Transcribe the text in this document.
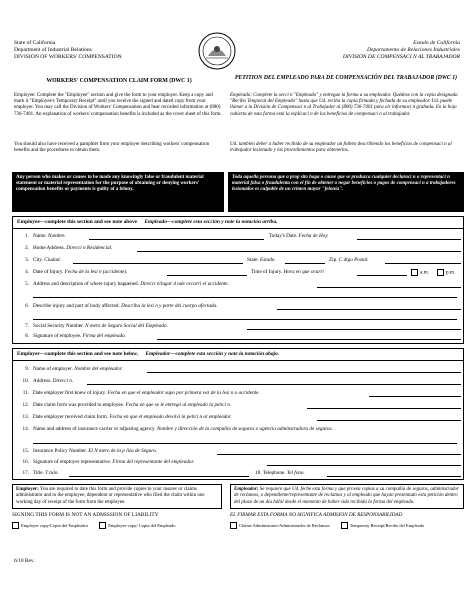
State of California
Department of Industrial Relations
DIVISION OF WORKERS' COMPENSATION
Estado de California
Departamento de Relaciones Industriales
DIVISION DE COMPENSACI N AL TRABAJADOR
WORKERS' COMPENSATION CLAIM FORM (DWC 1)	PETITION DEL EMPLEADO PARA DE COMPENSACIÓN DEL TRABAJADOR (DWC 1)
Employee: Complete the "Employee" section and give the form to your employer. Keep a copy and mark it "Employee's Temporary Receipt" until you receive the signed and dated copy from your employer. You may call the Division of Workers' Compensation and hear recorded information at (800) 736-7401. An explanation of workers' compensation benefits is included as the cover sheet of this form.
You should also have received a pamphlet from your employer describing workers' compensation benefits and the procedures to obtain them.
Empleado: Complete la secci n "Empleado" y entregue la forma a su empleador. Quédese con la copia designada "Recibo Temporal del Empleado" hasta que Ud. reciba la copia firmada y fechada de su empleador. Ud. puede llamar a la División de Compensaci n al Trabajador al (800) 736-7401 para oir informaci n grabada. En la hoja cubierta de esta forma está la explicaci n de los beneficios de compensaci n al trabajador.
Ud. también deber a haber recibido de su empleador un folleto describiendo los beneficios de compensaci n al trabajador lesionado y los procedimientos para obtenerlos.
Any person who makes or causes to be made any knowingly false or fraudulent material statement or material representation for the purpose of obtaining or denying workers' compensation benefits or payments is guilty of a felony.
Toda aquella persona que a prop sito haga o cause que se produzca cualquier declaraci n o representaci n material falsa o fraudulenta con el fin de obtener o negar beneficios o pagos de compensaci n a trabajadores lesionados es culpable de un crimen mayor "felonía".
Employee—complete this section and see note above Empleado—complete esta sección y note la notación arriba.
1. Name. Nombre.	Today's Date. Fecha de Hoy.
2. Home Address. Direcci n Residencial.
3. City. Ciudad.	State. Estado.	Zip. C digo Postal.
4. Date of Injury. Fecha de la lesi n (accidente).	Time of Injury. Hora en que ocurri	a.m.	p.m.
5. Address and description of where injury happened. Direcci n/lugar d nde occurri el accidente.
6. Describe injury and part of body affected. Describa la lesi n y parte del cuerpo afectada.
7. Social Security Number. N mero de Seguro Social del Empleado.
8. Signature of employee. Firma del empleado.
Employer—complete this section and see note below. Empleador—complete esta sección y note la notación abajo.
9. Name of employer. Nombre del empleador.
10. Address. Direcci n.
11. Date employer first knew of injury. Fecha en que el empleador supo por primera vez de la lesi n o accidente.
12. Date claim form was provided to employee. Fecha en que se le entregó al empleado la petici n.
13. Date employer received claim form. Fecha en que el empleado devolvi la petici n al empleador.
14. Name and address of insurance carrier or adjusting agency. Nombre y dirección de la compañía de seguros o agencia adminstradora de seguros.
15. Insurance Policy Number. El N mero de la p liza de Seguro.
16. Signature of employer representative. Firma del representante del empleador.
17. Title. T tulo.	18. Telephone. Tel fono.
Employer: You are required to date this form and provide copies to your insurer or claims administrator and to the employee, dependent or representative who filed the claim within one working day of receipt of the form from the employee.
SIGNING THIS FORM IS NOT AN ADMISSION OF LIABILITY
Employer copy/Copia del Empleador	Employee copy/ Copia del Empleado
Empleador: Se requiere que Ud. feche esta forma y que provéa copias a su compañía de seguros, administrador de reclamos, o dependiente/representante de reclamos y al empleado que hayan presentado esta petición dentro del plazo de un día hábil desde el momento de haber sido recibida la forma del empleado.
EL FIRMAR ESTA FORMA NO SIGNIFICA ADMISION DE RESPONSABILIDAD
Claims Administrator/Administrador de Reclamos	Temporary Receipt/Recibo del Empleado
6/10 Rev.
